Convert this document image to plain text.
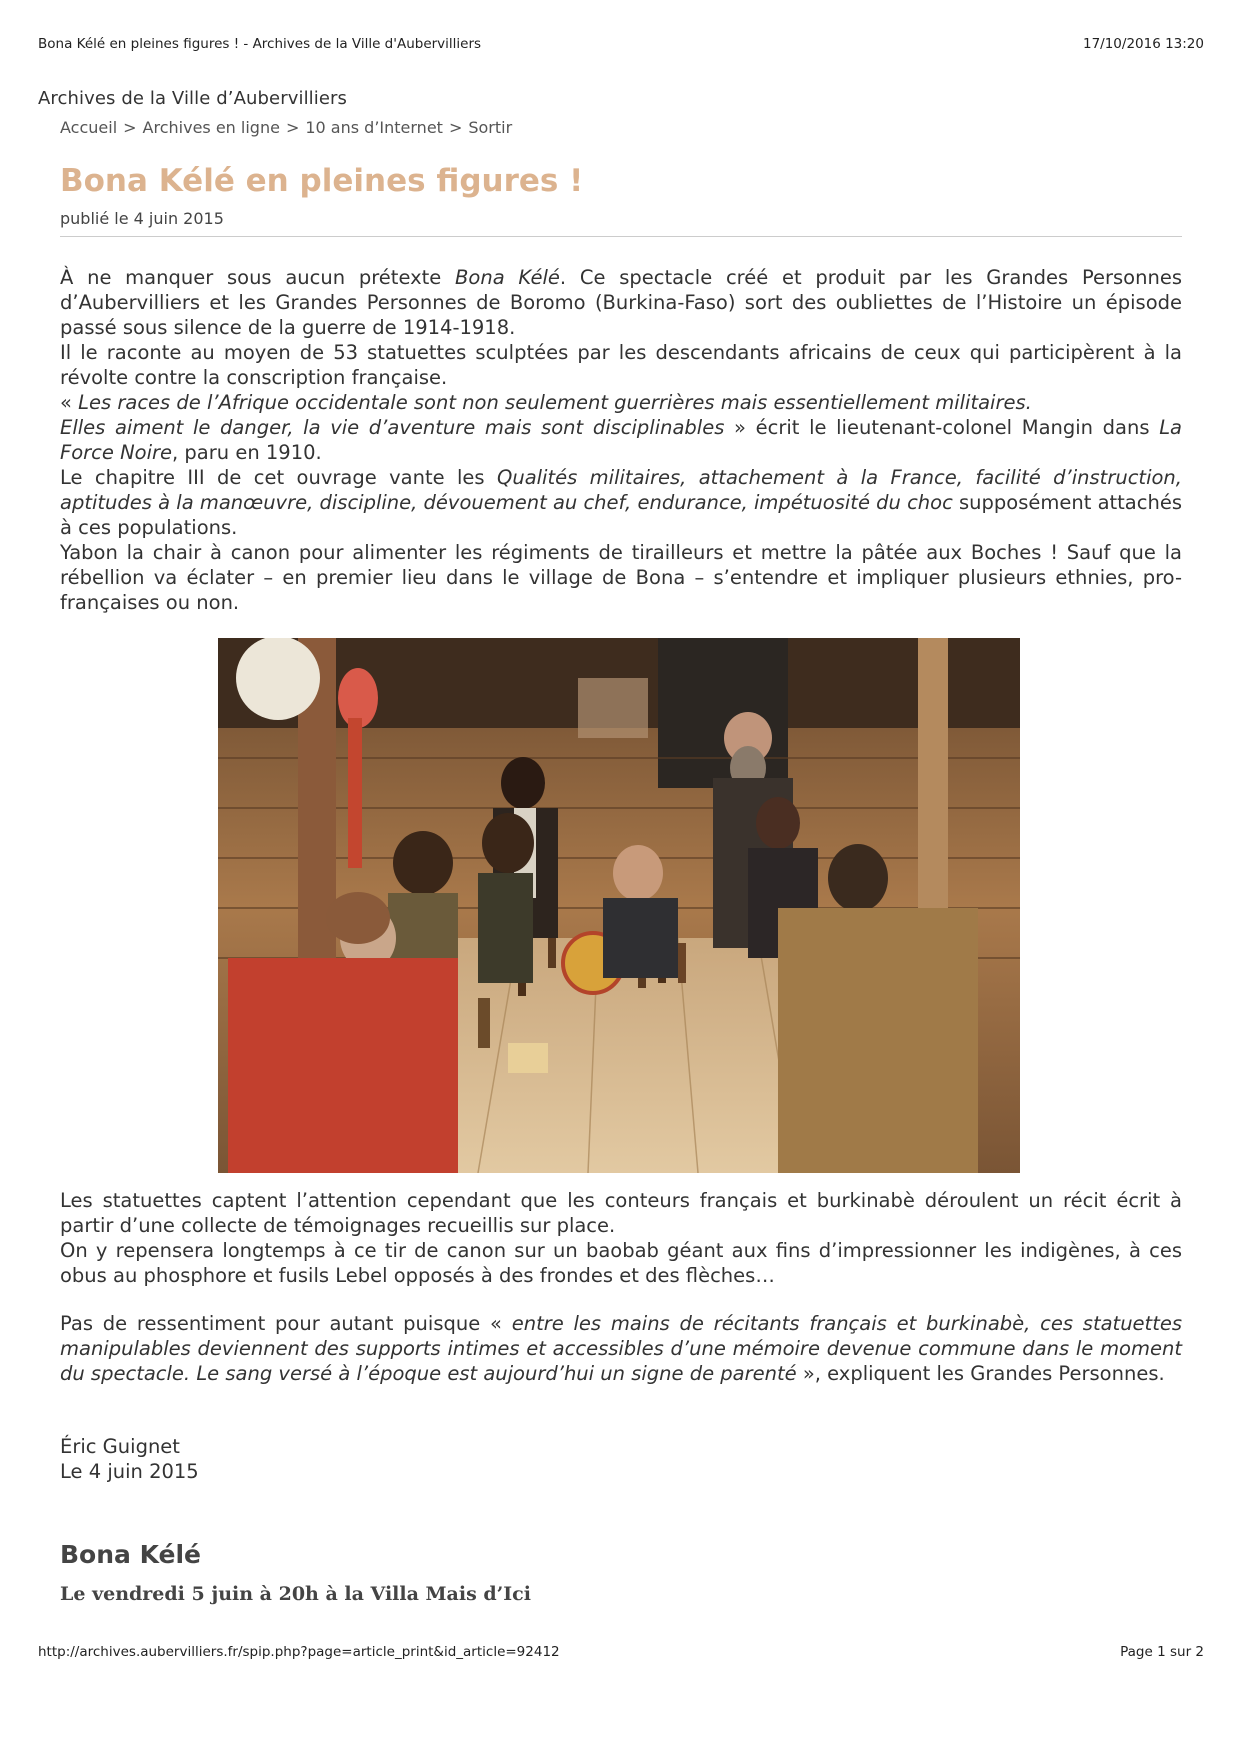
Bona Kélé en pleines figures ! - Archives de la Ville d'Aubervilliers	17/10/2016 13:20
Archives de la Ville d’Aubervilliers
Accueil > Archives en ligne > 10 ans d’Internet > Sortir
Bona Kélé en pleines figures !
publié le 4 juin 2015

À ne manquer sous aucun prétexte Bona Kélé. Ce spectacle créé et produit par les Grandes Personnes d’Aubervilliers et les Grandes Personnes de Boromo (Burkina-Faso) sort des oubliettes de l’Histoire un épisode passé sous silence de la guerre de 1914-1918.

Il le raconte au moyen de 53 statuettes sculptées par les descendants africains de ceux qui participèrent à la révolte contre la conscription française.

« Les races de l’Afrique occidentale sont non seulement guerrières mais essentiellement militaires.
Elles aiment le danger, la vie d’aventure mais sont disciplinables » écrit le lieutenant-colonel Mangin dans La Force Noire, paru en 1910.

Le chapitre III de cet ouvrage vante les Qualités militaires, attachement à la France, facilité d’instruction, aptitudes à la manœuvre, discipline, dévouement au chef, endurance, impétuosité du choc supposément attachés à ces populations.

Yabon la chair à canon pour alimenter les régiments de tirailleurs et mettre la pâtée aux Boches ! Sauf que la rébellion va éclater – en premier lieu dans le village de Bona – s’entendre et impliquer plusieurs ethnies, pro-françaises ou non.

Les statuettes captent l’attention cependant que les conteurs français et burkinabè déroulent un récit écrit à partir d’une collecte de témoignages recueillis sur place.

On y repensera longtemps à ce tir de canon sur un baobab géant aux fins d’impressionner les indigènes, à ces obus au phosphore et fusils Lebel opposés à des frondes et des flèches…

Pas de ressentiment pour autant puisque « entre les mains de récitants français et burkinabè, ces statuettes manipulables deviennent des supports intimes et accessibles d’une mémoire devenue commune dans le moment du spectacle. Le sang versé à l’époque est aujourd’hui un signe de parenté », expliquent les Grandes Personnes.

Éric Guignet

Le 4 juin 2015

Bona Kélé
Le vendredi 5 juin à 20h à la Villa Mais d’Ici
http://archives.aubervilliers.fr/spip.php?page=article_print&id_article=92412	Page 1 sur 2
